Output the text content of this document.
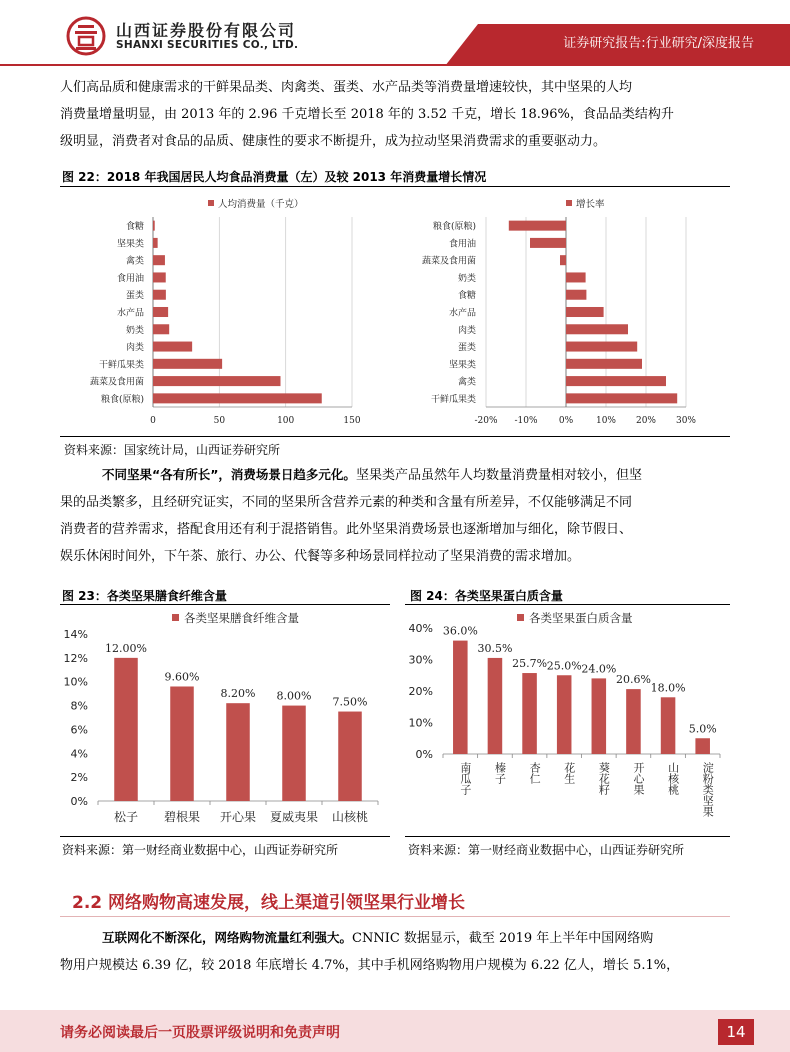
山西证券股份有限公司
SHANXI SECURITIES CO., LTD.	证券研究报告:行业研究/深度报告
人们高品质和健康需求的干鲜果品类、肉禽类、蛋类、水产品类等消费量增速较快，其中坚果的人均
消费量增量明显，由 2013 年的 2.96 千克增长至 2018 年的 3.52 千克，增长 18.96%，食品品类结构升
级明显，消费者对食品的品质、健康性的要求不断提升，成为拉动坚果消费需求的重要驱动力。
图 22：2018 年我国居民人均食品消费量（左）及较 2013 年消费量增长情况
人均消费量（千克）
0	50	100	150
食糖
坚果类
禽类
食用油
蛋类
水产品
奶类
肉类
干鲜瓜果类
蔬菜及食用菌
粮食(原粮)
增长率
-20% -10% 0%	10% 20% 30%
粮食(原粮)
食用油
蔬菜及食用菌
奶类
食糖
水产品
肉类
蛋类
坚果类
禽类
干鲜瓜果类
资料来源：国家统计局，山西证券研究所
不同坚果“各有所长”，消费场景日趋多元化。坚果类产品虽然年人均数量消费量相对较小，但坚
果的品类繁多，且经研究证实，不同的坚果所含营养元素的种类和含量有所差异，不仅能够满足不同
消费者的营养需求，搭配食用还有利于混搭销售。此外坚果消费场景也逐渐增加与细化，除节假日、
娱乐休闲时间外，下午茶、旅行、办公、代餐等多种场景同样拉动了坚果消费的需求增加。
图 23：各类坚果膳食纤维含量	图 24：各类坚果蛋白质含量
各类坚果膳食纤维含量
0%
2%
4%
6%
8%
10%
12%
14%
12.00%
松子
9.60%
碧根果
8.20%
开心果
8.00%
夏威夷果
7.50%
山核桃
各类坚果蛋白质含量
0%
10%
20%
30%
40% 36.0%
南瓜子
30.5%
榛子
25.7%
杏仁
25.0%
花生
24.0%
葵花籽
20.6%
开心果
18.0%
山核桃
5.0%
淀粉类坚果
资料来源：第一财经商业数据中心，山西证券研究所	资料来源：第一财经商业数据中心，山西证券研究所
2.2 网络购物高速发展，线上渠道引领坚果行业增长
互联网化不断深化，网络购物流量红利强大。CNNIC 数据显示，截至 2019 年上半年中国网络购
物用户规模达 6.39 亿，较 2018 年底增长 4.7%，其中手机网络购物用户规模为 6.22 亿人，增长 5.1%，
请务必阅读最后一页股票评级说明和免责声明	14
